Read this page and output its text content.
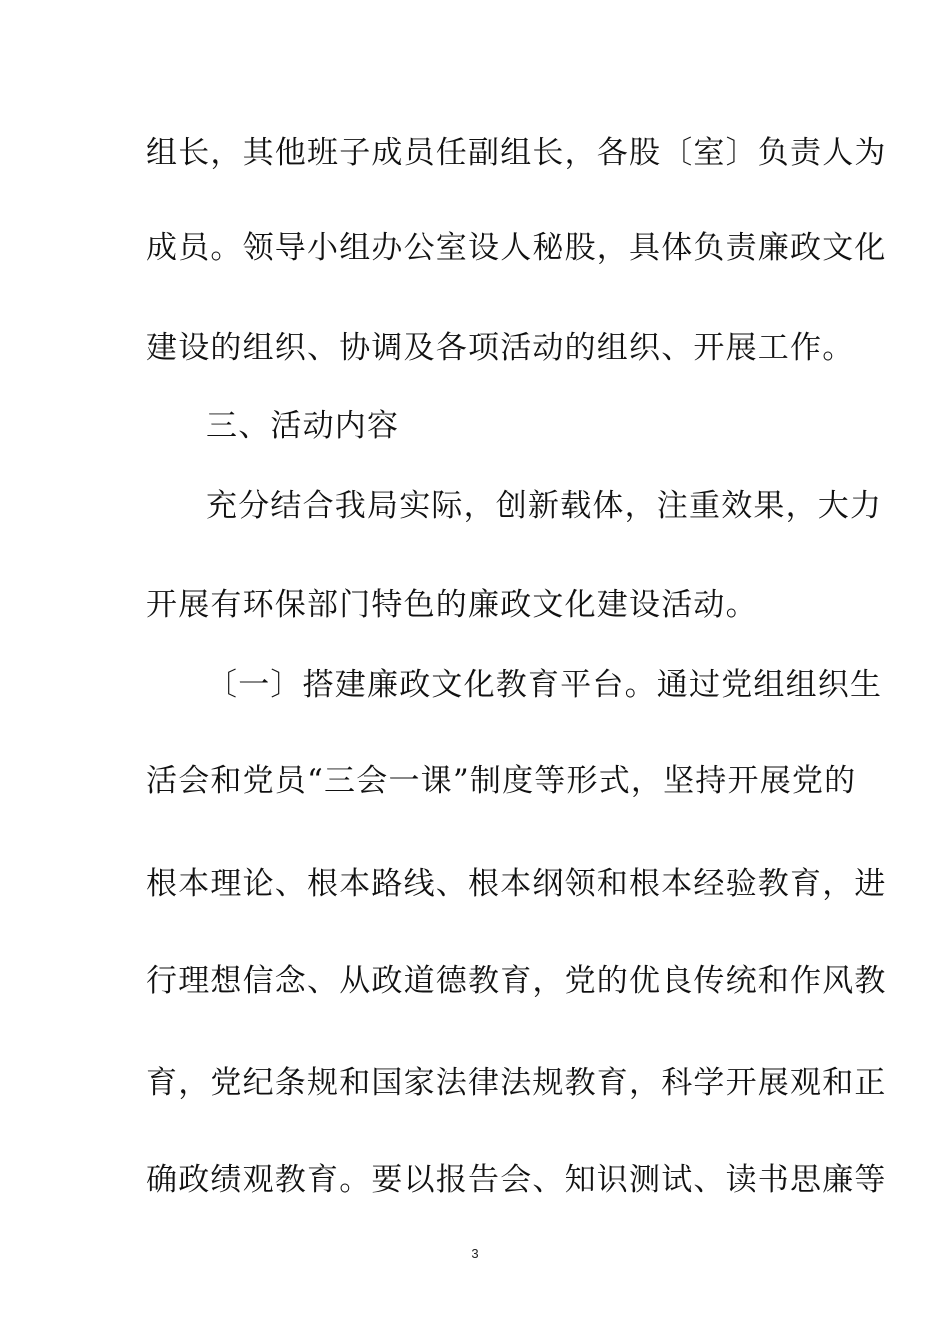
组长，其他班子成员任副组长，各股〔室〕负责人为
成员。领导小组办公室设人秘股，具体负责廉政文化
建设的组织、协调及各项活动的组织、开展工作。
三、活动内容
充分结合我局实际，创新载体，注重效果，大力
开展有环保部门特色的廉政文化建设活动。
〔一〕搭建廉政文化教育平台。通过党组组织生
活会和党员“三会一课”制度等形式，坚持开展党的
根本理论、根本路线、根本纲领和根本经验教育，进
行理想信念、从政道德教育，党的优良传统和作风教
育，党纪条规和国家法律法规教育，科学开展观和正
确政绩观教育。要以报告会、知识测试、读书思廉等
3
